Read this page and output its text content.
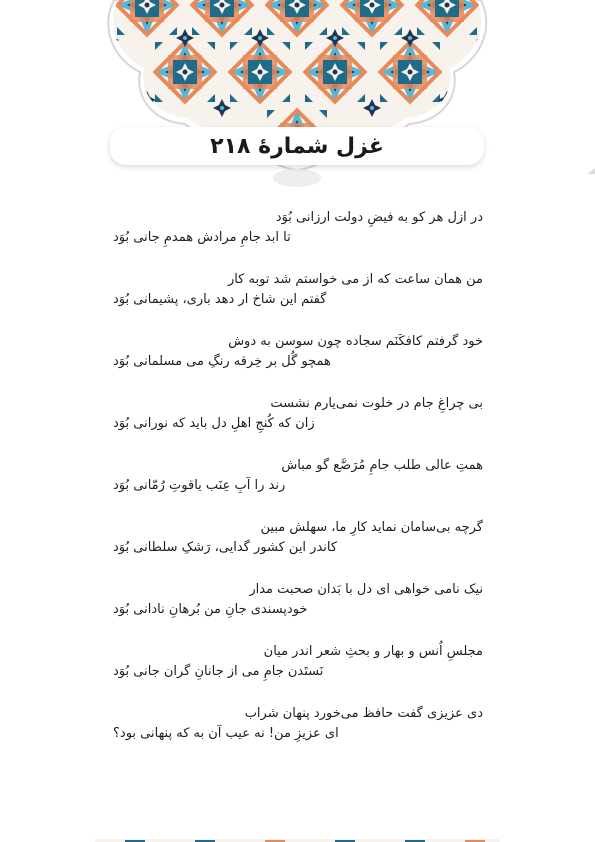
غزل شمارهٔ ۲۱۸
در ازل هر کو به فیضِ دولت ارزانی بُوَد
تا ابد جامِ مرادش همدمِ جانی بُوَد
من همان ساعت که از می خواستم شد توبه کار
گفتم این شاخ ار دهد باری، پشیمانی بُوَد
خود گرفتم کافکَنَم سجاده چون سوسن به دوش
همچو گُل بر خِرقه رنگِ می مسلمانی بُوَد
بی چراغِ جام در خلوت نمی‌یارم نشست
زان که کُنجِ اهلِ دل باید که نورانی بُوَد
همتِ عالی طلب جامِ مُرَصَّع گو مباش
رند را آبِ عِنَب یاقوتِ رُمّانی بُوَد
گرچه بی‌سامان نماید کارِ ما، سهلش مبین
کاندر این کشور گدایی، رَشکِ سلطانی بُوَد
نیک نامی خواهی ای دل با بَدان صحبت مدار
خودپسندی جانِ من بُرهانِ نادانی بُوَد
مجلسِ اُنس و بهار و بحثِ شعر اندر میان
نَستَدن جامِ می از جانانِ گران جانی بُوَد
دی عزیزی گفت حافظ می‌خورد پنهان شراب
ای عزیزِ من! نه عیب آن به که پنهانی بود؟
